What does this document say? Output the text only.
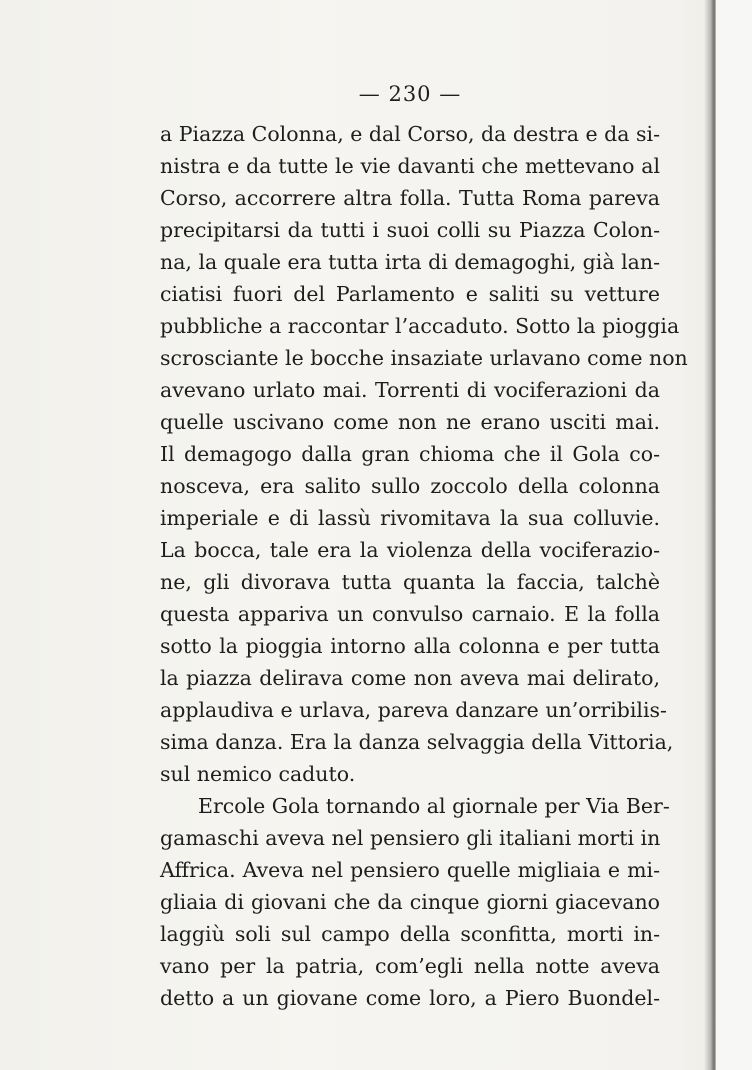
— 230 —
a Piazza Colonna, e dal Corso, da destra e da si-
nistra e da tutte le vie davanti che mettevano al
Corso, accorrere altra folla. Tutta Roma pareva
precipitarsi da tutti i suoi colli su Piazza Colon-
na, la quale era tutta irta di demagoghi, già lan-
ciatisi fuori del Parlamento e saliti su vetture
pubbliche a raccontar l’accaduto. Sotto la pioggia
scrosciante le bocche insaziate urlavano come non
avevano urlato mai. Torrenti di vociferazioni da
quelle uscivano come non ne erano usciti mai.
Il demagogo dalla gran chioma che il Gola co-
nosceva, era salito sullo zoccolo della colonna
imperiale e di lassù rivomitava la sua colluvie.
La bocca, tale era la violenza della vociferazio-
ne, gli divorava tutta quanta la faccia, talchè
questa appariva un convulso carnaio. E la folla
sotto la pioggia intorno alla colonna e per tutta
la piazza delirava come non aveva mai delirato,
applaudiva e urlava, pareva danzare un’orribilis-
sima danza. Era la danza selvaggia della Vittoria,
sul nemico caduto.
Ercole Gola tornando al giornale per Via Ber-
gamaschi aveva nel pensiero gli italiani morti in
Affrica. Aveva nel pensiero quelle migliaia e mi-
gliaia di giovani che da cinque giorni giacevano
laggiù soli sul campo della sconfitta, morti in-
vano per la patria, com’egli nella notte aveva
detto a un giovane come loro, a Piero Buondel-
